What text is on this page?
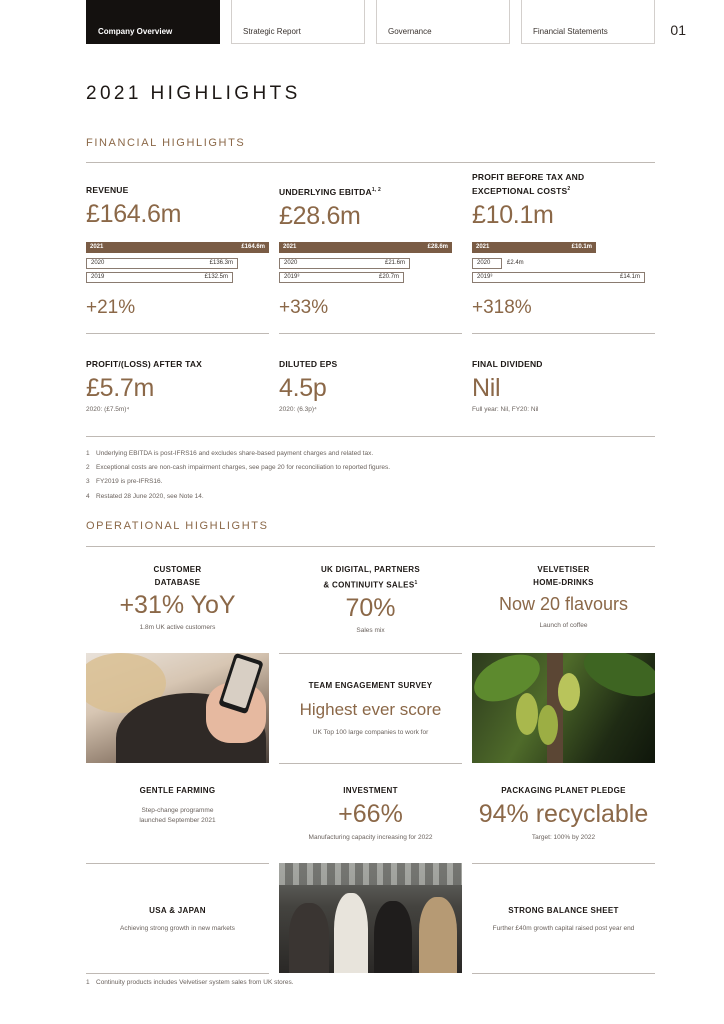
Company Overview	Strategic Report	Governance	Financial Statements	01
2021 HIGHLIGHTS
FINANCIAL HIGHLIGHTS
REVENUE
£164.6m
2021	£164.6m
2020	£136.3m
2019	£132.5m
+21%
UNDERLYING EBITDA$^{1, 2}$
£28.6m
2021	£28.6m
2020	£21.6m
2019³	£20.7m
+33%
PROFIT BEFORE TAX AND
EXCEPTIONAL COSTS$^2$
£10.1m
2021	£10.1m
2020	£2.4m
2019³	£14.1m
+318%
PROFIT/(LOSS) AFTER TAX
£5.7m
2020: (£7.5m)⁴
DILUTED EPS
4.5p
2020: (6.3p)⁴
FINAL DIVIDEND
Nil
Full year: Nil, FY20: Nil
1 Underlying EBITDA is post-IFRS16 and excludes share-based payment charges and related tax.
2 Exceptional costs are non-cash impairment charges, see page 20 for reconciliation to reported figures.
3 FY2019 is pre-IFRS16.
4 Restated 28 June 2020, see Note 14.
OPERATIONAL HIGHLIGHTS
CUSTOMER
DATABASE
+31% YoY
1.8m UK active customers
UK DIGITAL, PARTNERS
& CONTINUITY SALES$^1$
70%
Sales mix
VELVETISER
HOME-DRINKS
Now 20 flavours
Launch of coffee
TEAM ENGAGEMENT SURVEY
Highest ever score
UK Top 100 large companies to work for
GENTLE FARMING
Step-change programme
launched September 2021
INVESTMENT
+66%
Manufacturing capacity increasing for 2022
PACKAGING PLANET PLEDGE
94% recyclable
Target: 100% by 2022
USA & JAPAN
Achieving strong growth in new markets
STRONG BALANCE SHEET
Further £40m growth capital raised post year end
1 Continuity products includes Velvetiser system sales from UK stores.
